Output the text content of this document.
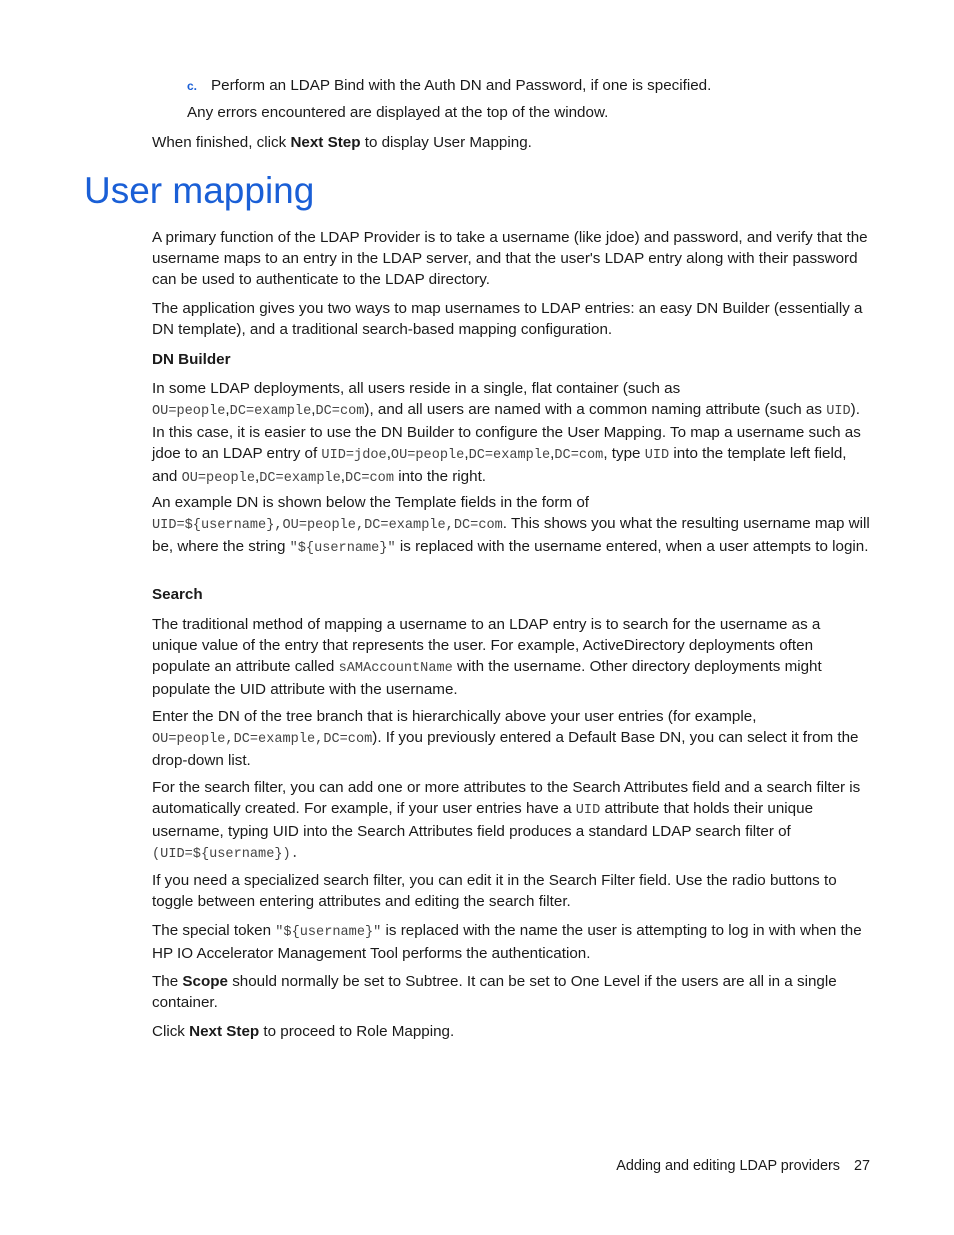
c. Perform an LDAP Bind with the Auth DN and Password, if one is specified.

Any errors encountered are displayed at the top of the window.

When finished, click Next Step to display User Mapping.

User mapping

A primary function of the LDAP Provider is to take a username (like jdoe) and password, and verify that the username maps to an entry in the LDAP server, and that the user's LDAP entry along with their password can be used to authenticate to the LDAP directory.

The application gives you two ways to map usernames to LDAP entries: an easy DN Builder (essentially a DN template), and a traditional search-based mapping configuration.

DN Builder

In some LDAP deployments, all users reside in a single, flat container (such as OU=people,DC=example,DC=com), and all users are named with a common naming attribute (such as UID). In this case, it is easier to use the DN Builder to configure the User Mapping. To map a username such as jdoe to an LDAP entry of UID=jdoe,OU=people,DC=example,DC=com, type UID into the template left field, and OU=people,DC=example,DC=com into the right.

An example DN is shown below the Template fields in the form of UID=${username},OU=people,DC=example,DC=com. This shows you what the resulting username map will be, where the string "${username}" is replaced with the username entered, when a user attempts to login.

Search

The traditional method of mapping a username to an LDAP entry is to search for the username as a unique value of the entry that represents the user. For example, ActiveDirectory deployments often populate an attribute called sAMAccountName with the username. Other directory deployments might populate the UID attribute with the username.

Enter the DN of the tree branch that is hierarchically above your user entries (for example, OU=people,DC=example,DC=com). If you previously entered a Default Base DN, you can select it from the drop-down list.

For the search filter, you can add one or more attributes to the Search Attributes field and a search filter is automatically created. For example, if your user entries have a UID attribute that holds their unique username, typing UID into the Search Attributes field produces a standard LDAP search filter of (UID=${username}).

If you need a specialized search filter, you can edit it in the Search Filter field. Use the radio buttons to toggle between entering attributes and editing the search filter.

The special token "${username}" is replaced with the name the user is attempting to log in with when the HP IO Accelerator Management Tool performs the authentication.

The Scope should normally be set to Subtree. It can be set to One Level if the users are all in a single container.

Click Next Step to proceed to Role Mapping.

Adding and editing LDAP providers 27
